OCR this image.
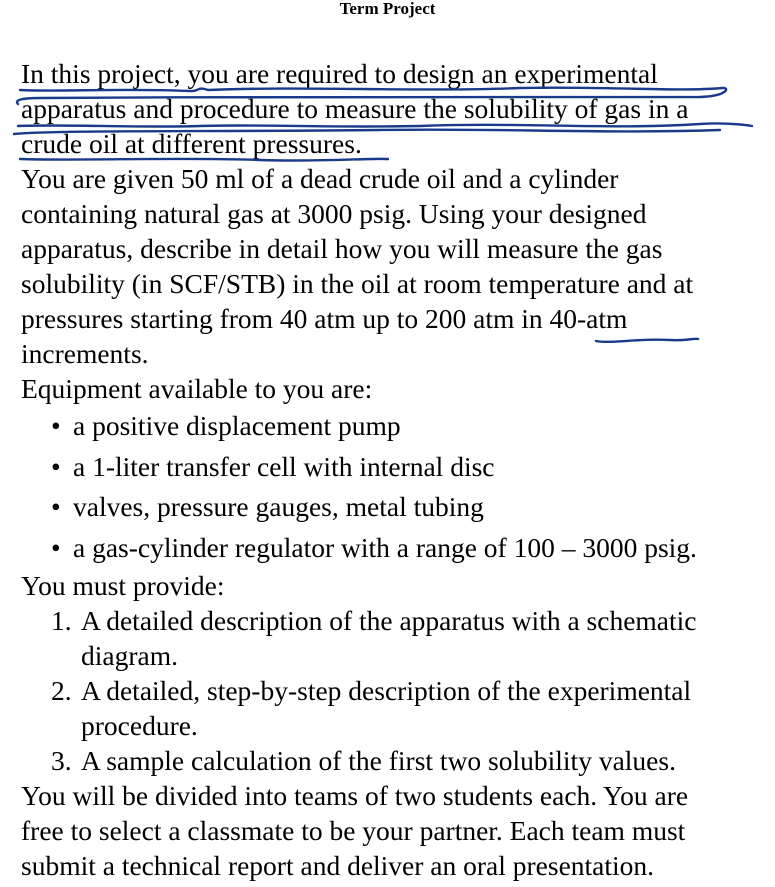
Term Project
In this project, you are required to design an experimental
apparatus and procedure to measure the solubility of gas in a
crude oil at different pressures.
You are given 50 ml of a dead crude oil and a cylinder
containing natural gas at 3000 psig. Using your designed
apparatus, describe in detail how you will measure the gas
solubility (in SCF/STB) in the oil at room temperature and at
pressures starting from 40 atm up to 200 atm in 40-atm
increments.
Equipment available to you are:
• a positive displacement pump
• a 1-liter transfer cell with internal disc
• valves, pressure gauges, metal tubing
• a gas-cylinder regulator with a range of 100 – 3000 psig.
You must provide:
1. A detailed description of the apparatus with a schematic
diagram.
2. A detailed, step-by-step description of the experimental
procedure.
3. A sample calculation of the first two solubility values.
You will be divided into teams of two students each. You are
free to select a classmate to be your partner. Each team must
submit a technical report and deliver an oral presentation.
